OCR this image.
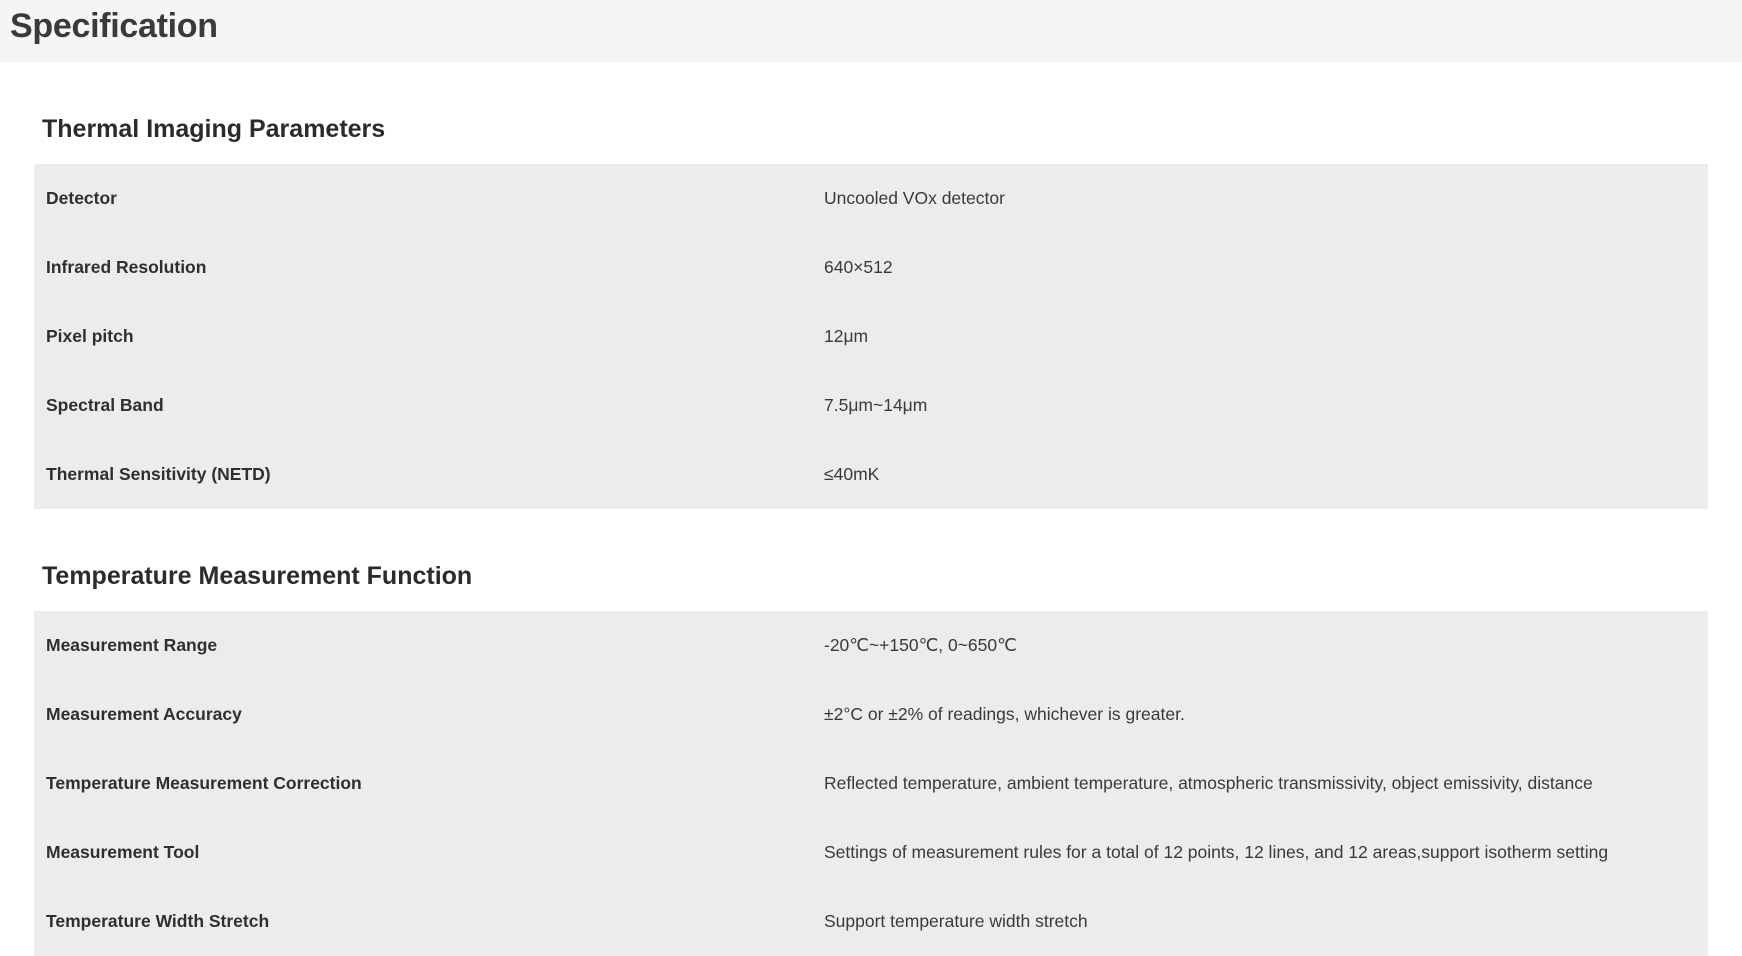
Specification
Thermal Imaging Parameters
Detector	Uncooled VOx detector
Infrared Resolution	640×512
Pixel pitch	12μm
Spectral Band	7.5μm~14μm
Thermal Sensitivity (NETD)	≤40mK
Temperature Measurement Function
Measurement Range	-20℃~+150℃, 0~650℃
Measurement Accuracy	±2°C or ±2% of readings, whichever is greater.
Temperature Measurement Correction	Reflected temperature, ambient temperature, atmospheric transmissivity, object emissivity, distance
Measurement Tool	Settings of measurement rules for a total of 12 points, 12 lines, and 12 areas,support isotherm setting
Temperature Width Stretch	Support temperature width stretch
